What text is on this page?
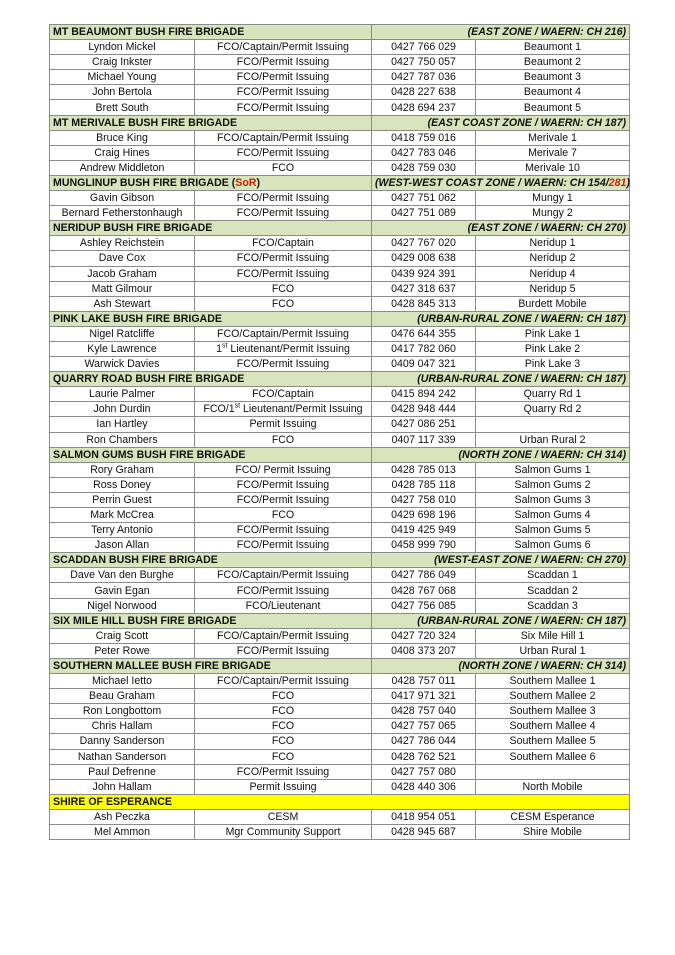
MT BEAUMONT BUSH FIRE BRIGADE		(EAST ZONE / WAERN: CH 216)	
Lyndon Mickel	FCO/Captain/Permit Issuing	0427 766 029	Beaumont 1
Craig Inkster	FCO/Permit Issuing	0427 750 057	Beaumont 2
Michael Young	FCO/Permit Issuing	0427 787 036	Beaumont 3
John Bertola	FCO/Permit Issuing	0428 227 638	Beaumont 4
Brett South	FCO/Permit Issuing	0428 694 237	Beaumont 5
MT MERIVALE BUSH FIRE BRIGADE		(EAST COAST ZONE / WAERN: CH 187)	
Bruce King	FCO/Captain/Permit Issuing	0418 759 016	Merivale 1
Craig Hines	FCO/Permit Issuing	0427 783 046	Merivale 7
Andrew Middleton	FCO	0428 759 030	Merivale 10
MUNGLINUP BUSH FIRE BRIGADE (SoR)		(WEST-WEST COAST ZONE / WAERN: CH 154/281)	
Gavin Gibson	FCO/Permit Issuing	0427 751 062	Mungy 1
Bernard Fetherstonhaugh	FCO/Permit Issuing	0427 751 089	Mungy 2
NERIDUP BUSH FIRE BRIGADE		(EAST ZONE / WAERN: CH 270)	
Ashley Reichstein	FCO/Captain	0427 767 020	Neridup 1
Dave Cox	FCO/Permit Issuing	0429 008 638	Neridup 2
Jacob Graham	FCO/Permit Issuing	0439 924 391	Neridup 4
Matt Gilmour	FCO	0427 318 637	Neridup 5
Ash Stewart	FCO	0428 845 313	Burdett Mobile
PINK LAKE BUSH FIRE BRIGADE		(URBAN-RURAL ZONE / WAERN: CH 187)	
Nigel Ratcliffe	FCO/Captain/Permit Issuing	0476 644 355	Pink Lake 1
Kyle Lawrence	1st Lieutenant/Permit Issuing	0417 782 060	Pink Lake 2
Warwick Davies	FCO/Permit Issuing	0409 047 321	Pink Lake 3
QUARRY ROAD BUSH FIRE BRIGADE		(URBAN-RURAL ZONE / WAERN: CH 187)	
Laurie Palmer	FCO/Captain	0415 894 242	Quarry Rd 1
John Durdin	FCO/1st Lieutenant/Permit Issuing	0428 948 444	Quarry Rd 2
Ian Hartley	Permit Issuing	0427 086 251	
Ron Chambers	FCO	0407 117 339	Urban Rural 2
SALMON GUMS BUSH FIRE BRIGADE		(NORTH ZONE / WAERN: CH 314)	
Rory Graham	FCO/ Permit Issuing	0428 785 013	Salmon Gums 1
Ross Doney	FCO/Permit Issuing	0428 785 118	Salmon Gums 2
Perrin Guest	FCO/Permit Issuing	0427 758 010	Salmon Gums 3
Mark McCrea	FCO	0429 698 196	Salmon Gums 4
Terry Antonio	FCO/Permit Issuing	0419 425 949	Salmon Gums 5
Jason Allan	FCO/Permit Issuing	0458 999 790	Salmon Gums 6
SCADDAN BUSH FIRE BRIGADE		(WEST-EAST ZONE / WAERN: CH 270)	
Dave Van den Burghe	FCO/Captain/Permit Issuing	0427 786 049	Scaddan 1
Gavin Egan	FCO/Permit Issuing	0428 767 068	Scaddan 2
Nigel Norwood	FCO/Lieutenant	0427 756 085	Scaddan 3
SIX MILE HILL BUSH FIRE BRIGADE		(URBAN-RURAL ZONE / WAERN: CH 187)	
Craig Scott	FCO/Captain/Permit Issuing	0427 720 324	Six Mile Hill 1
Peter Rowe	FCO/Permit Issuing	0408 373 207	Urban Rural 1
SOUTHERN MALLEE BUSH FIRE BRIGADE		(NORTH ZONE / WAERN: CH 314)	
Michael Ietto	FCO/Captain/Permit Issuing	0428 757 011	Southern Mallee 1
Beau Graham	FCO	0417 971 321	Southern Mallee 2
Ron Longbottom	FCO	0428 757 040	Southern Mallee 3
Chris Hallam	FCO	0427 757 065	Southern Mallee 4
Danny Sanderson	FCO	0427 786 044	Southern Mallee 5
Nathan Sanderson	FCO	0428 762 521	Southern Mallee 6
Paul Defrenne	FCO/Permit Issuing	0427 757 080	
John Hallam	Permit Issuing	0428 440 306	North Mobile
SHIRE OF ESPERANCE			
Ash Peczka	CESM	0418 954 051	CESM Esperance
Mel Ammon	Mgr Community Support	0428 945 687	Shire Mobile
